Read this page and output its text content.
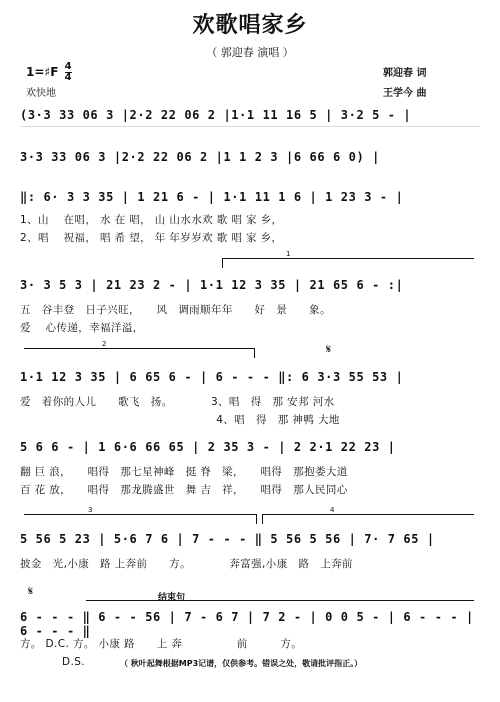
欢歌唱家乡
（ 郭迎春 演唱 ）
1=♯F $\frac{4}{4}$
欢快地
郭迎春 词
王学今 曲
(3·3 33 06 3 |2·2 22 06 2 |1·1 11 16 5 | 3·2 5 - |
3·3 33 06 3 |2·2 22 06 2 |1 1 2 3 |6 66 6 0) |
‖: 6· 3 3 35 | 1 21 6 - | 1·1 11 1 6 | 1 23 3 - |
1、山　 在唱， 水 在 唱， 山 山水水欢 歌 唱 家 乡，
2、唱　 祝福， 唱 希 望， 年 年岁岁欢 歌 唱 家 乡，
1
3· 3 5 3 | 21 23 2 - | 1·1 12 3 35 | 21 65 6 - :|
五　谷丰登　日子兴旺，　　风　调雨顺年年　　好　景　　象。
爱　 心传递，幸福洋溢，
2	𝄋
1·1 12 3 35 | 6 65 6 - | 6 - - - ‖: 6 3·3 55 53 |
爱　着你的人儿　　歌飞　扬。　　　　3、唱　得　那 安邦 河水
　　　　　　　　　　　　　　　　　　4、唱　得　那 神鸭 大地
5 6 6 - | 1 6·6 66 65 | 2 35 3 - | 2 2·1 22 23 |
翻 巨 浪，　　唱得　那七星神峰　挺 脊　梁，　　唱得　那抱娄大道
百 花 放，　　唱得　那龙腾盛世　舞 吉　祥，　　唱得　那人民同心
3	4
5 56 5 23 | 5·6 7 6 | 7 - - - ‖ 5 56 5 56 | 7· 7 65 |
披金　光,小康　路 上奔前　　方。　　　　奔富强,小康　路　上奔前
结束句
𝄋
6 - - - ‖ 6 - - 56 | 7 - 6 7 | 7 2 - | 0 0 5 - | 6 - - - | 6 - - - ‖
方。 D.C. 方。 小康 路　　上 奔　　　　　前　　　方。
D.S.	（ 秋叶起舞根据MP3记谱，仅供参考。错误之处，敬请批评指正。）
